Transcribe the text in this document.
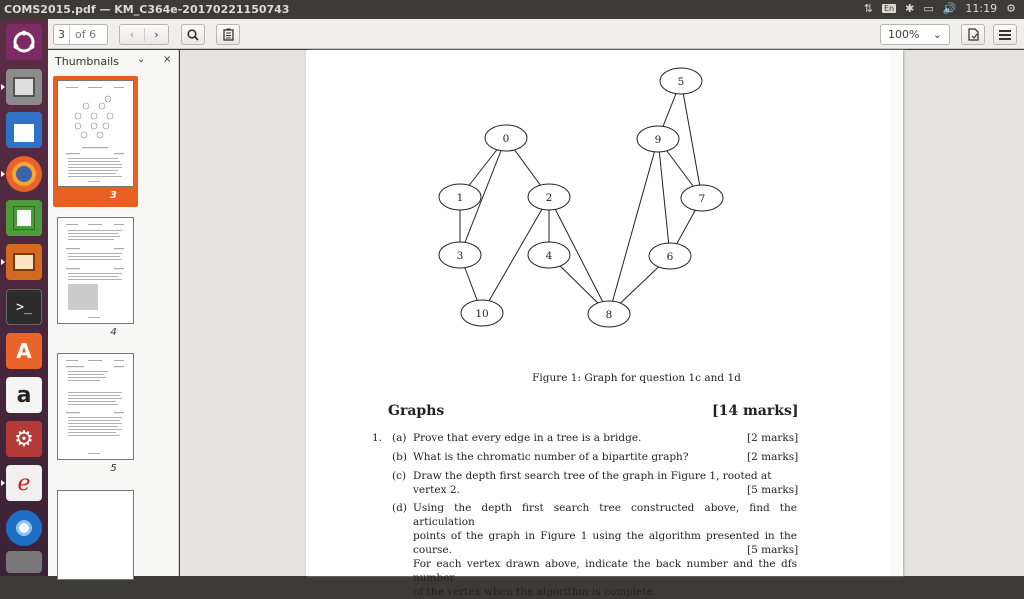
COMS2015.pdf — KM_C364e-20170221150743	⇅ En ✱ ▭ 🔊 11:19 ⚙
>_
A
a
⚙
ℯ
3 of 6	‹	›	100% ⌄
Thumbnails ⌄ ×
3
4
5
5
0	9
1	2	7
3	4	6
10	8
Figure 1: Graph for question 1c and 1d
Graphs	[14 marks]
1. (a) Prove that every edge in a tree is a bridge.	[2 marks]
(b) What is the chromatic number of a bipartite graph?	[2 marks]
(c) Draw the depth first search tree of the graph in Figure 1, rooted at vertex 2.	[5 marks]
(d) Using the depth first search tree constructed above, find the articulation
points of the graph in Figure 1 using the algorithm presented in the course.
For each vertex drawn above, indicate the back number and the dfs number
of the vertex when the algorithm is complete.
[5 marks]
